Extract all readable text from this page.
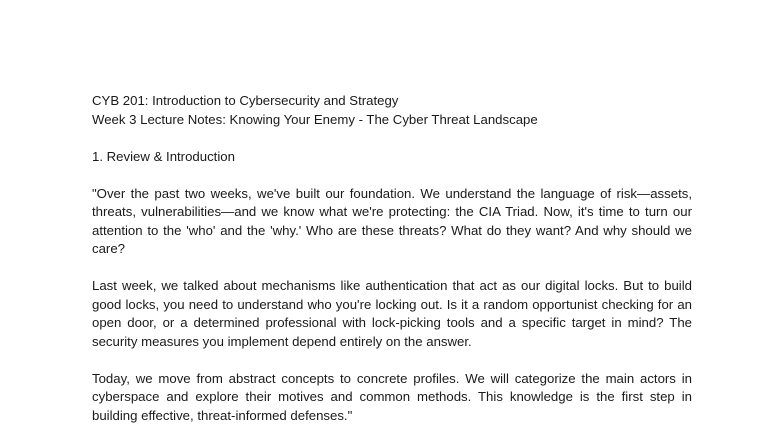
CYB 201: Introduction to Cybersecurity and Strategy

Week 3 Lecture Notes: Knowing Your Enemy - The Cyber Threat Landscape

1. Review & Introduction

"Over the past two weeks, we've built our foundation. We understand the language of risk—assets, threats, vulnerabilities—and we know what we're protecting: the CIA Triad. Now, it's time to turn our attention to the 'who' and the 'why.' Who are these threats? What do they want? And why should we care?

Last week, we talked about mechanisms like authentication that act as our digital locks. But to build good locks, you need to understand who you're locking out. Is it a random opportunist checking for an open door, or a determined professional with lock-picking tools and a specific target in mind? The security measures you implement depend entirely on the answer.

Today, we move from abstract concepts to concrete profiles. We will categorize the main actors in cyberspace and explore their motives and common methods. This knowledge is the first step in building effective, threat-informed defenses."
